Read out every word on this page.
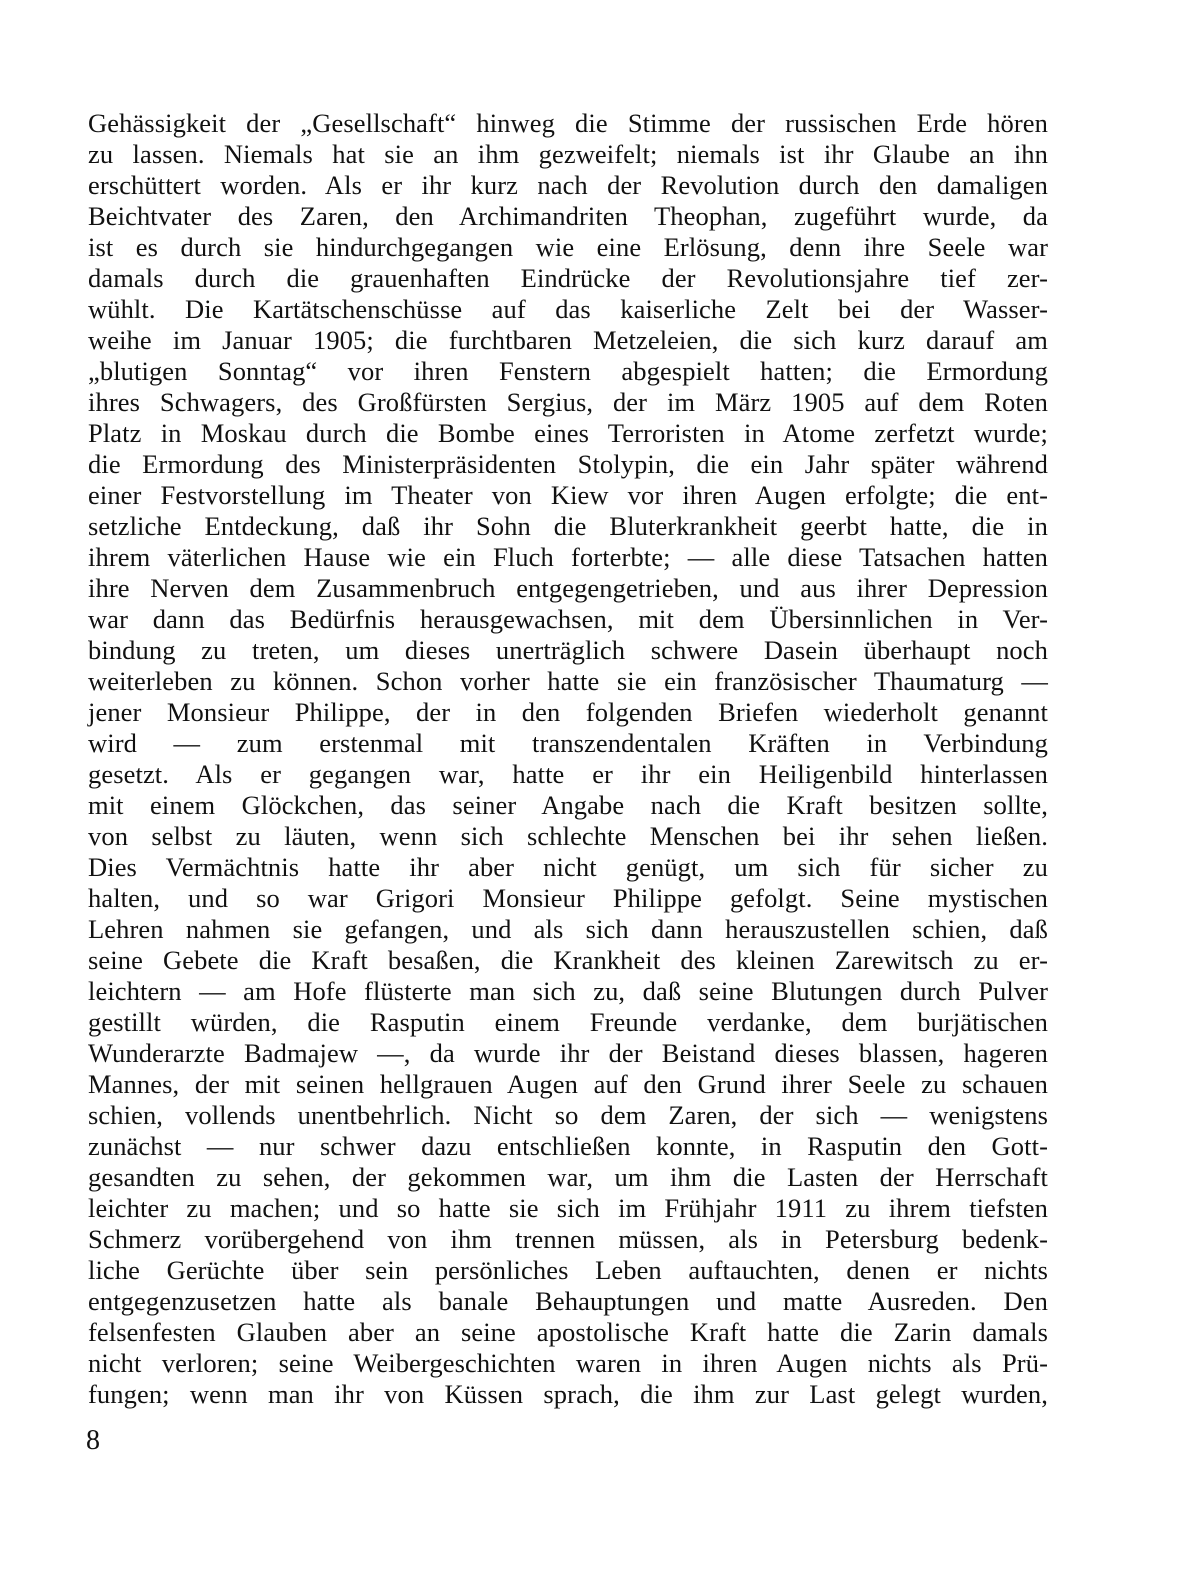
Gehässigkeit der „Gesellschaft“ hinweg die Stimme der russischen Erde hören
zu lassen. Niemals hat sie an ihm gezweifelt; niemals ist ihr Glaube an ihn
erschüttert worden. Als er ihr kurz nach der Revolution durch den damaligen
Beichtvater des Zaren, den Archimandriten Theophan, zugeführt wurde, da
ist es durch sie hindurchgegangen wie eine Erlösung, denn ihre Seele war
damals durch die grauenhaften Eindrücke der Revolutionsjahre tief zer-
wühlt. Die Kartätschenschüsse auf das kaiserliche Zelt bei der Wasser-
weihe im Januar 1905; die furchtbaren Metzeleien, die sich kurz darauf am
„blutigen Sonntag“ vor ihren Fenstern abgespielt hatten; die Ermordung
ihres Schwagers, des Großfürsten Sergius, der im März 1905 auf dem Roten
Platz in Moskau durch die Bombe eines Terroristen in Atome zerfetzt wurde;
die Ermordung des Ministerpräsidenten Stolypin, die ein Jahr später während
einer Festvorstellung im Theater von Kiew vor ihren Augen erfolgte; die ent-
setzliche Entdeckung, daß ihr Sohn die Bluterkrankheit geerbt hatte, die in
ihrem väterlichen Hause wie ein Fluch forterbte; — alle diese Tatsachen hatten
ihre Nerven dem Zusammenbruch entgegengetrieben, und aus ihrer Depression
war dann das Bedürfnis herausgewachsen, mit dem Übersinnlichen in Ver-
bindung zu treten, um dieses unerträglich schwere Dasein überhaupt noch
weiterleben zu können. Schon vorher hatte sie ein französischer Thaumaturg —
jener Monsieur Philippe, der in den folgenden Briefen wiederholt genannt
wird — zum erstenmal mit transzendentalen Kräften in Verbindung
gesetzt. Als er gegangen war, hatte er ihr ein Heiligenbild hinterlassen
mit einem Glöckchen, das seiner Angabe nach die Kraft besitzen sollte,
von selbst zu läuten, wenn sich schlechte Menschen bei ihr sehen ließen.
Dies Vermächtnis hatte ihr aber nicht genügt, um sich für sicher zu
halten, und so war Grigori Monsieur Philippe gefolgt. Seine mystischen
Lehren nahmen sie gefangen, und als sich dann herauszustellen schien, daß
seine Gebete die Kraft besaßen, die Krankheit des kleinen Zarewitsch zu er-
leichtern — am Hofe flüsterte man sich zu, daß seine Blutungen durch Pulver
gestillt würden, die Rasputin einem Freunde verdanke, dem burjätischen
Wunderarzte Badmajew —, da wurde ihr der Beistand dieses blassen, hageren
Mannes, der mit seinen hellgrauen Augen auf den Grund ihrer Seele zu schauen
schien, vollends unentbehrlich. Nicht so dem Zaren, der sich — wenigstens
zunächst — nur schwer dazu entschließen konnte, in Rasputin den Gott-
gesandten zu sehen, der gekommen war, um ihm die Lasten der Herrschaft
leichter zu machen; und so hatte sie sich im Frühjahr 1911 zu ihrem tiefsten
Schmerz vorübergehend von ihm trennen müssen, als in Petersburg bedenk-
liche Gerüchte über sein persönliches Leben auftauchten, denen er nichts
entgegenzusetzen hatte als banale Behauptungen und matte Ausreden. Den
felsenfesten Glauben aber an seine apostolische Kraft hatte die Zarin damals
nicht verloren; seine Weibergeschichten waren in ihren Augen nichts als Prü-
fungen; wenn man ihr von Küssen sprach, die ihm zur Last gelegt wurden,
8
